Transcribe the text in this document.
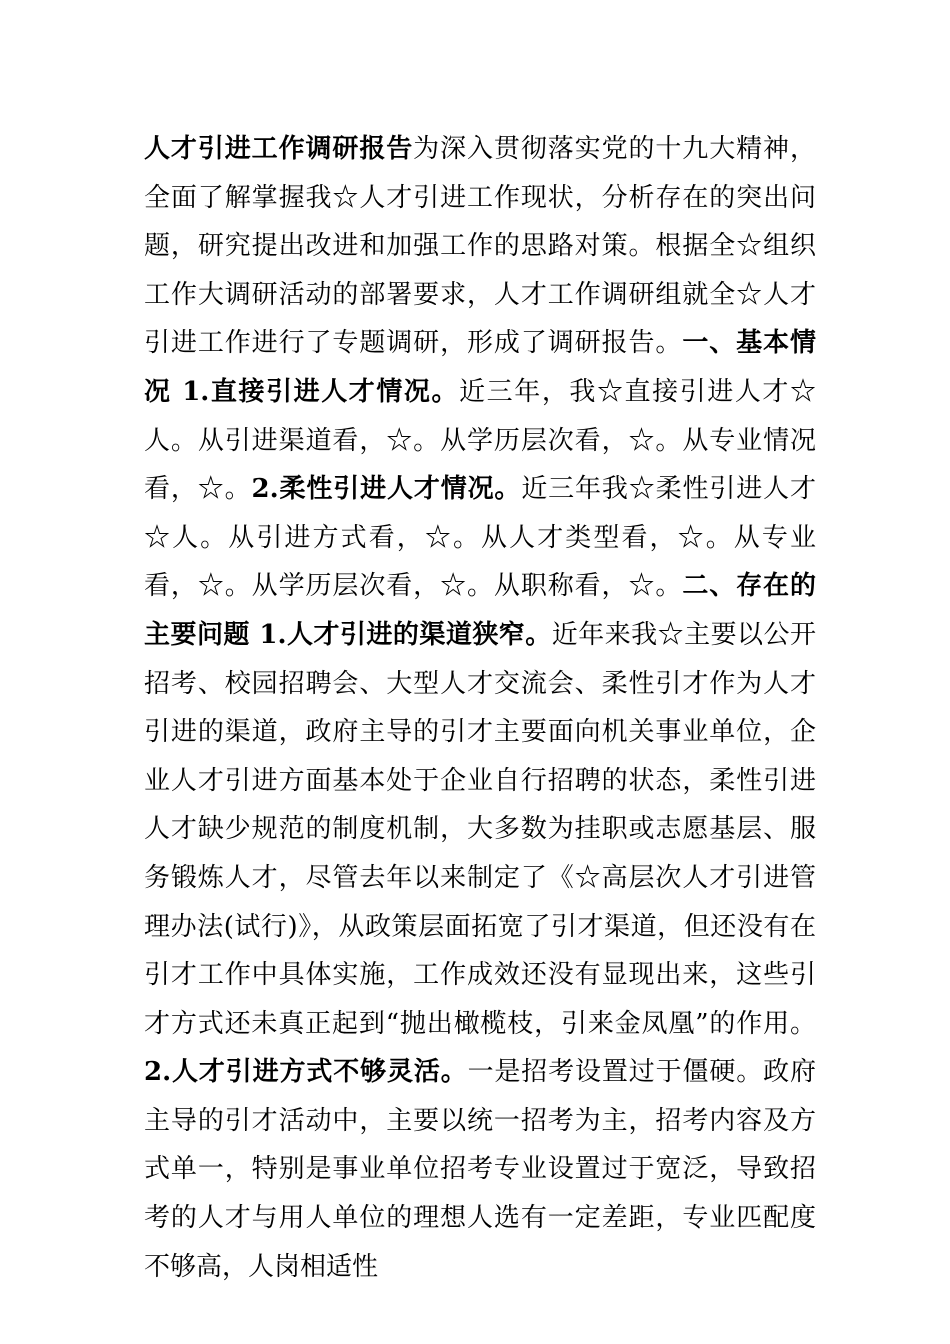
人才引进工作调研报告为深入贯彻落实党的十九大精神，全面了解掌握我☆人才引进工作现状，分析存在的突出问题，研究提出改进和加强工作的思路对策。根据全☆组织工作大调研活动的部署要求，人才工作调研组就全☆人才引进工作进行了专题调研，形成了调研报告。一、基本情况 1.直接引进人才情况。近三年，我☆直接引进人才☆人。从引进渠道看，☆。从学历层次看，☆。从专业情况看，☆。2.柔性引进人才情况。近三年我☆柔性引进人才☆人。从引进方式看，☆。从人才类型看，☆。从专业看，☆。从学历层次看，☆。从职称看，☆。二、存在的主要问题 1.人才引进的渠道狭窄。近年来我☆主要以公开招考、校园招聘会、大型人才交流会、柔性引才作为人才引进的渠道，政府主导的引才主要面向机关事业单位，企业人才引进方面基本处于企业自行招聘的状态，柔性引进人才缺少规范的制度机制，大多数为挂职或志愿基层、服务锻炼人才，尽管去年以来制定了《☆高层次人才引进管理办法(试行)》，从政策层面拓宽了引才渠道，但还没有在引才工作中具体实施，工作成效还没有显现出来，这些引才方式还未真正起到“抛出橄榄枝，引来金凤凰”的作用。2.人才引进方式不够灵活。一是招考设置过于僵硬。政府主导的引才活动中，主要以统一招考为主，招考内容及方式单一，特别是事业单位招考专业设置过于宽泛，导致招考的人才与用人单位的理想人选有一定差距，专业匹配度不够高，人岗相适性
